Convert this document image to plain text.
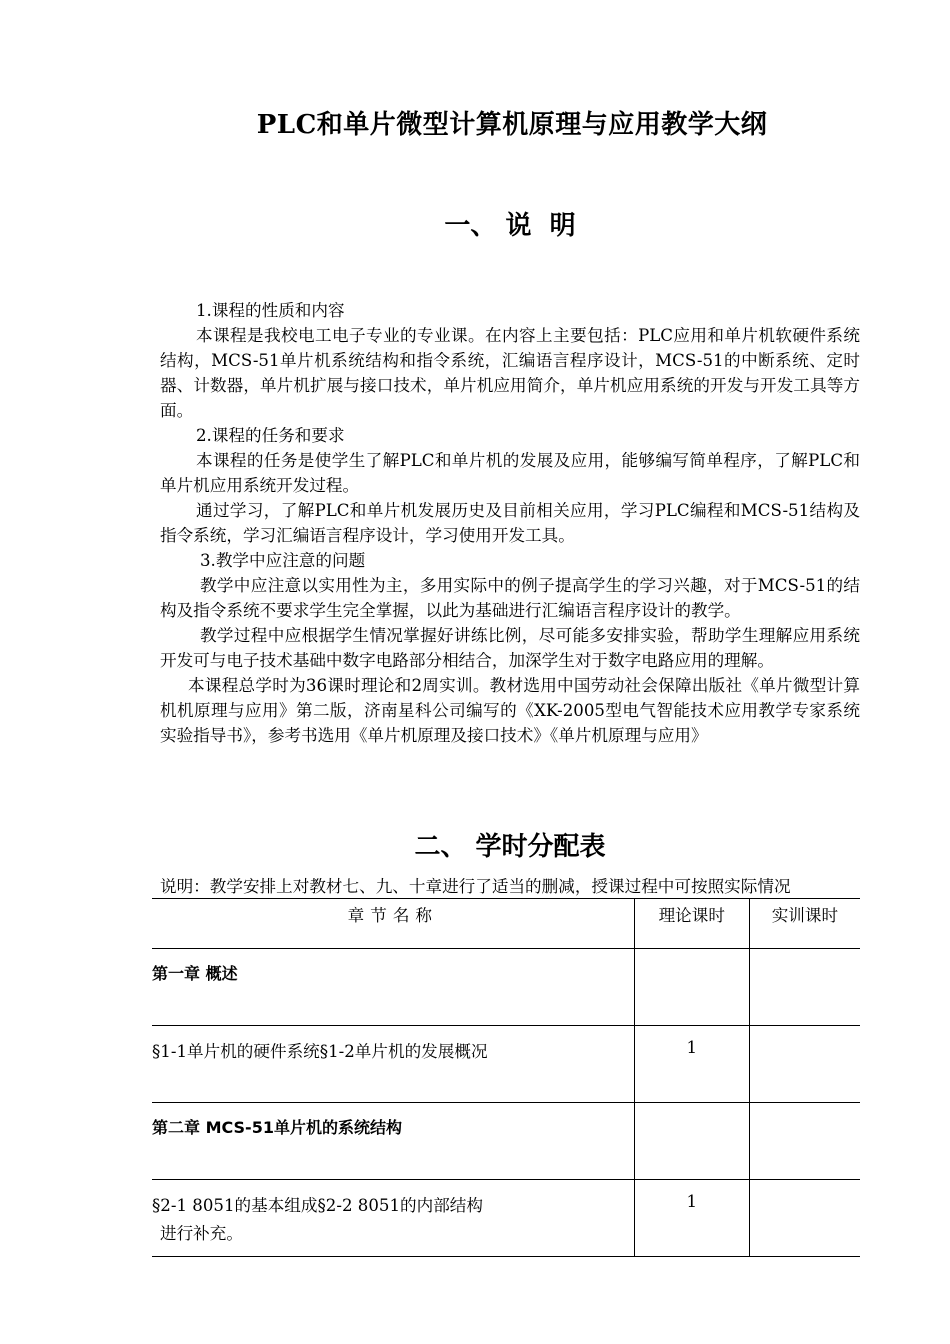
PLC和单片微型计算机原理与应用教学大纲
一、 说  明

1.课程的性质和内容

本课程是我校电工电子专业的专业课。在内容上主要包括：PLC应用和单片机软硬件系统结构，MCS-51单片机系统结构和指令系统，汇编语言程序设计，MCS-51的中断系统、定时器、计数器，单片机扩展与接口技术，单片机应用简介，单片机应用系统的开发与开发工具等方面。

2.课程的任务和要求

本课程的任务是使学生了解PLC和单片机的发展及应用，能够编写简单程序，了解PLC和单片机应用系统开发过程。

通过学习，了解PLC和单片机发展历史及目前相关应用，学习PLC编程和MCS-51结构及指令系统，学习汇编语言程序设计，学习使用开发工具。

3.教学中应注意的问题

教学中应注意以实用性为主，多用实际中的例子提高学生的学习兴趣，对于MCS-51的结构及指令系统不要求学生完全掌握，以此为基础进行汇编语言程序设计的教学。

教学过程中应根据学生情况掌握好讲练比例，尽可能多安排实验，帮助学生理解应用系统开发可与电子技术基础中数字电路部分相结合，加深学生对于数字电路应用的理解。

本课程总学时为36课时理论和2周实训。教材选用中国劳动社会保障出版社《单片微型计算机机原理与应用》第二版，济南星科公司编写的《XK-2005型电气智能技术应用教学专家系统实验指导书》，参考书选用《单片机原理及接口技术》《单片机原理与应用》

二、 学时分配表
说明：教学安排上对教材七、九、十章进行了适当的删减，授课过程中可按照实际情况
章节名称	理论课时	实训课时
第一章 概述		
§1-1单片机的硬件系统§1-2单片机的发展概况	1	
第二章 MCS-51单片机的系统结构		
§2-1 8051的基本组成§2-2 8051的内部结构	1	
进行补充。
